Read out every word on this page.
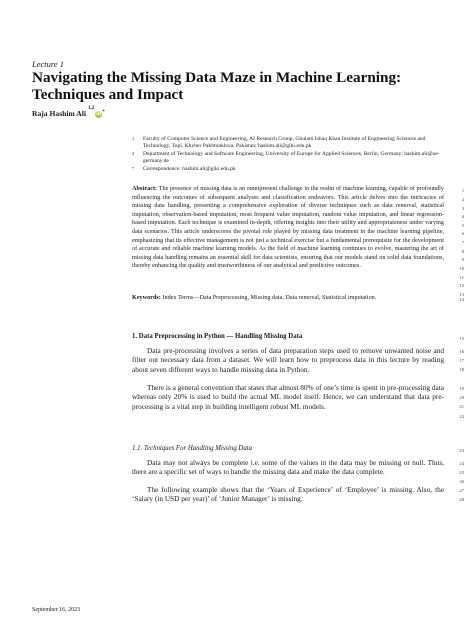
Lecture 1
Navigating the Missing Data Maze in Machine Learning: Techniques and Impact
Raja Hashim Ali$^{1,2}$iD*
1 Faculty of Computer Science and Engineering, AI Research Group, Ghulam Ishaq Khan Institute of Engineering Sciences and Technology, Topi, Khyber Pakhtunkhwa, Pakistan; hashim.ali@giki.edu.pk
2 Department of Technology and Software Engineering, University of Europe for Applied Sciences, Berlin, Germany; hashim.ali@ue-germany.de
* Correspondence: hashim.ali@giki.edu.pk
Abstract: The presence of missing data is an omnipresent challenge in the realm of machine learning, capable of profoundly influencing the outcomes of subsequent analyses and classification endeavors. This article delves into the intricacies of missing data handling, presenting a comprehensive exploration of diverse techniques such as data removal, statistical imputation, observation-based imputation, most frequent value imputation, random value imputation, and linear regression-based imputation. Each technique is examined in-depth, offering insights into their utility and appropriateness under varying data scenarios. This article underscores the pivotal role played by missing data treatment in the machine learning pipeline, emphasizing that its effective management is not just a technical exercise but a fundamental prerequisite for the development of accurate and reliable machine learning models. As the field of machine learning continues to evolve, mastering the art of missing data handling remains an essential skill for data scientists, ensuring that our models stand on solid data foundations, thereby enhancing the quality and trustworthiness of our analytical and predictive outcomes.
Keywords: Index Terms—Data Preprocessing, Missing data, Data removal, Statistical imputation.
1. Data Preprocessing in Python — Handling Missing Data
Data pre-processing involves a series of data preparation steps used to remove unwanted noise and filter out necessary data from a dataset. We will learn how to preprocess data in this lecture by reading about seven different ways to handle missing data in Python.
There is a general convention that states that almost 80% of one’s time is spent in pre-processing data whereas only 20% is used to build the actual ML model itself. Hence, we can understand that data pre-processing is a vital step in building intelligent robust ML models.
1.1. Techniques For Handling Missing Data
Data may not always be complete i.e. some of the values in the data may be missing or null. Thus, there are a specific set of ways to handle the missing data and make the data complete.
The following example shows that the ‘Years of Experience’ of ‘Employee’ is missing. Also, the ‘Salary (in USD per year)’ of ‘Junior Manager’ is missing.
1
2
3
4
5
6
7
8
9
10
11
12
13
14
15
16
17
18
19
20
21
22
23
24
25
26
27
28
September 16, 2023
